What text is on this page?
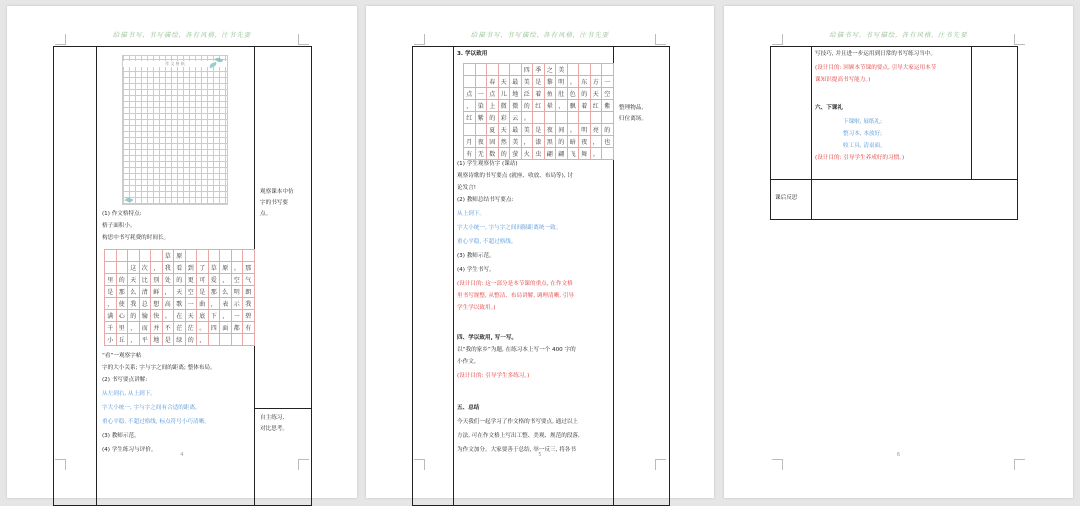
给描书写, 书写描绘, 各有风格, 注书先要
作 文 格 纸
观察课本中仿
字的书写要
点。
(1) 作文格特点:
格子面积小。
构思中书写耗费的时间长。
					草	原						
		这	次	，	我	看	到	了	草	原	。	那
里	的	天	比	别	处	的	更	可	爱	，	空	气
是	那	么	清	鲜	，	天	空	是	那	么	明	朗
，	使	我	总	想	高	歌	一	曲	，	表	示	我
满	心	的	愉	快	。	在	天	底	下	，	一	碧
千	里	，	而	并	不	茫	茫	。	四	面	都	有
小	丘	，	平	地	是	绿	的	，				
“看”一观察字帖
字的大小关系; 字与字之间的距离; 整体布局。
(2) 书写要点讲解:
从左到右, 从上到下。
字大小统一, 字与字之间有合适的距离。
重心平稳, 不超过格线, 标点符号小巧清晰。
自主练习,
对比思考。
(3) 教师示范。
(4) 学生练习与评价。
4
给描书写, 书写描绘, 各有风格, 注书先要
3. 学以致用
					四	季	之	美				
		春	天	最	美	是	黎	明	。	东	方	一
点	一	点	儿	地	泛	着	鱼	肚	色	的	天	空
，	染	上	微	微	的	红	晕	，	飘	着	红	紫
红	紫	的	彩	云	。							
		夏	天	最	美	是	夜	间	。	明	亮	的
月	夜	固	然	美	，	漆	黑	的	暗	夜	，	也
有	无	数	的	萤	火	虫	翩	翩	飞	舞	。	
整理物品,
归位离场。
(1) 学生观察仿字 (课站)
观察诗歌的书写要点 (就座、收放、布局等), 讨
论发言!
(2) 教师总结书写要点:
从上到下。
字大小统一, 字与字之间间隔距离统一致。
重心平稳, 不超过格线。
(3) 教师示范。
(4) 学生书写。
(设计目的: 这一部分是本节课的重点, 在作文格
里书写规整, 从整洁、布局讲解, 调理清晰, 引导
学生学以致用。)
四、学以致用, 写一写。
以“我的家乡”为题, 在练习本上写一个 400 字的
小作文。
(设计目的: 引导学生多练习。)
五、总结
今天我们一起学习了作文格的书写要点, 通过以上
方法, 可在作文格上写出工整、美观、规范的段落,
为作文加分。大家要善于总结, 举一反三, 将各书
5
给描书写, 书写描绘, 各有风格, 注书先要
写技巧, 并且进一步运用到日常的书写练习当中。
(设计目的: 回顾本节课的要点, 引导大家运用本节
课知识提高书写能力。)
六、下课礼
下课啦, 展纸礼;
整习本, 本放好;
收工具, 清桌面。
(设计目的: 引导学生养成好的习惯。)
课后反思
6
